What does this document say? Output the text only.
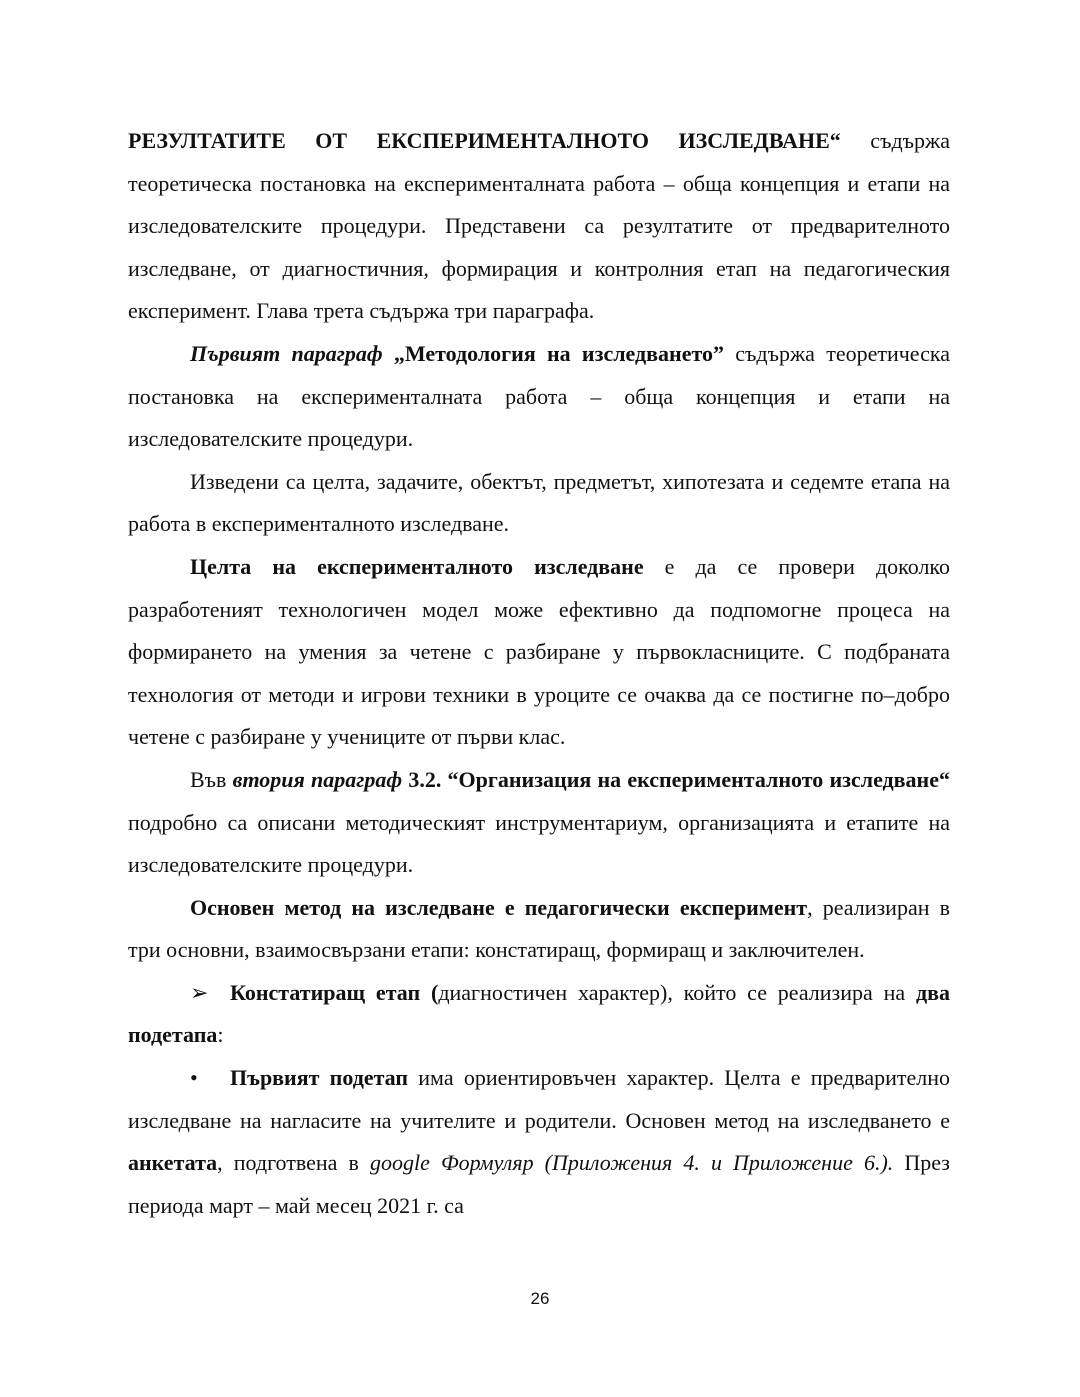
РЕЗУЛТАТИТЕ ОТ ЕКСПЕРИМЕНТАЛНОТО ИЗСЛЕДВАНЕ“ съдържа теоретическа постановка на експерименталната работа – обща концепция и етапи на изследователските процедури. Представени са резултатите от предварителното изследване, от диагностичния, формирация и контролния етап на педагогическия експеримент. Глава трета съдържа три параграфа.

Първият параграф „Методология на изследването” съдържа теоретическа постановка на експерименталната работа – обща концепция и етапи на изследователските процедури.

Изведени са целта, задачите, обектът, предметът, хипотезата и седемте етапа на работа в експерименталното изследване.

Целта на експерименталното изследване е да се провери доколко разработеният технологичен модел може ефективно да подпомогне процеса на формирането на умения за четене с разбиране у първокласниците. С подбраната технология от методи и игрови техники в уроците се очаква да се постигне по–добро четене с разбиране у учениците от първи клас.

Във втория параграф 3.2. “Организация на експерименталното изследване“ подробно са описани методическият инструментариум, организацията и етапите на изследователските процедури.

Основен метод на изследване е педагогически експеримент, реализиран в три основни, взаимосвързани етапи: констатиращ, формиращ и заключителен.

➢ Констатиращ етап (диагностичен характер), който се реализира на два подетапа:

• Първият подетап има ориентировъчен характер. Целта е предварително изследване на нагласите на учителите и родители. Основен метод на изследването е анкетата, подготвена в google Формуляр (Приложения 4. и Приложение 6.). През периода март – май месец 2021 г. са

26
